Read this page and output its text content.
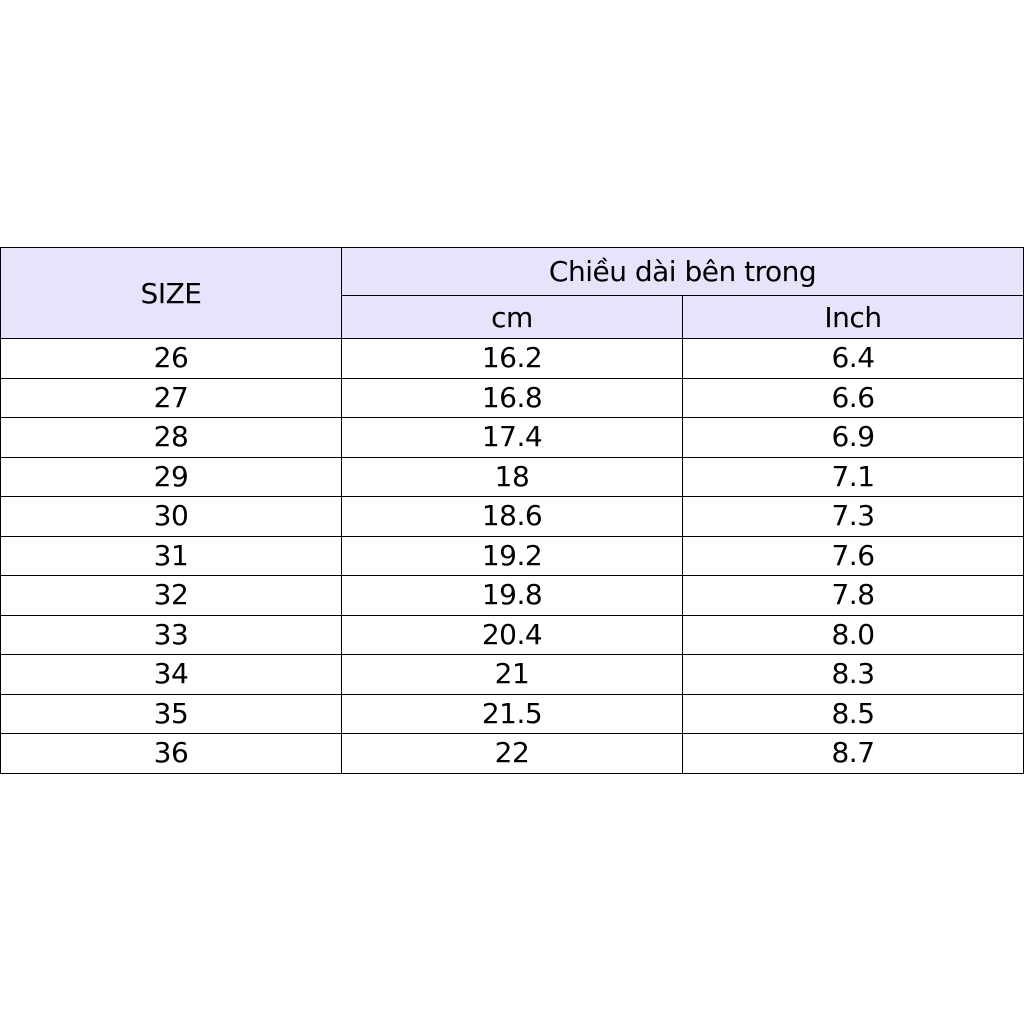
SIZE	Chiều dài bên trong	
	cm	Inch
26	16.2	6.4
27	16.8	6.6
28	17.4	6.9
29	18	7.1
30	18.6	7.3
31	19.2	7.6
32	19.8	7.8
33	20.4	8.0
34	21	8.3
35	21.5	8.5
36	22	8.7
